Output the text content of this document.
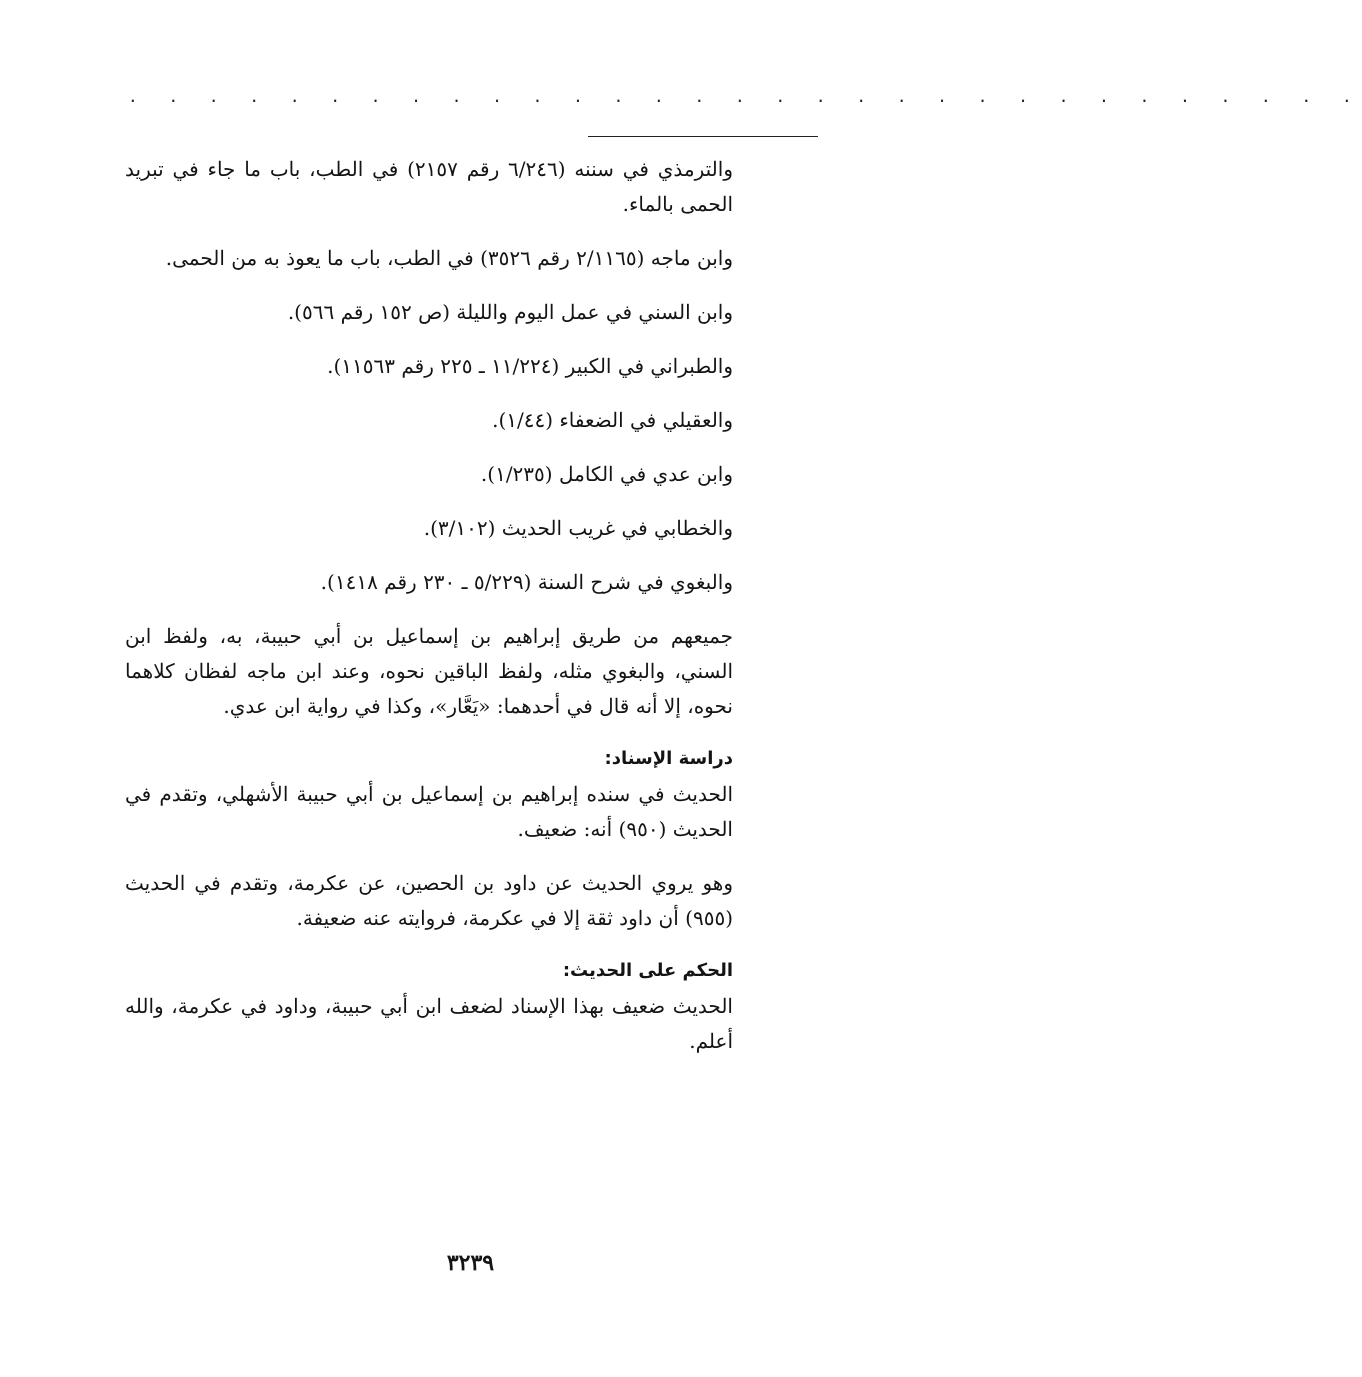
. . . . . . . . . . . . . . . . . . . . . . . . . . . . . . .

والترمذي في سننه (٦/٢٤٦ رقم ٢١٥٧) في الطب، باب ما جاء في تبريد الحمى بالماء.

وابن ماجه (٢/١١٦٥ رقم ٣٥٢٦) في الطب، باب ما يعوذ به من الحمى.

وابن السني في عمل اليوم والليلة (ص ١٥٢ رقم ٥٦٦).

والطبراني في الكبير (١١/٢٢٤ ـ ٢٢٥ رقم ١١٥٦٣).

والعقيلي في الضعفاء (١/٤٤).

وابن عدي في الكامل (١/٢٣٥).

والخطابي في غريب الحديث (٣/١٠٢).

والبغوي في شرح السنة (٥/٢٢٩ ـ ٢٣٠ رقم ١٤١٨).

جميعهم من طريق إبراهيم بن إسماعيل بن أبي حبيبة، به، ولفظ ابن السني، والبغوي مثله، ولفظ الباقين نحوه، وعند ابن ماجه لفظان كلاهما نحوه، إلا أنه قال في أحدهما: «يَعَّار»، وكذا في رواية ابن عدي.

دراسة الإسناد:

الحديث في سنده إبراهيم بن إسماعيل بن أبي حبيبة الأشهلي، وتقدم في الحديث (٩٥٠) أنه: ضعيف.

وهو يروي الحديث عن داود بن الحصين، عن عكرمة، وتقدم في الحديث (٩٥٥) أن داود ثقة إلا في عكرمة، فروايته عنه ضعيفة.

الحكم على الحديث:

الحديث ضعيف بهذا الإسناد لضعف ابن أبي حبيبة، وداود في عكرمة، والله أعلم.

٣٢٣٩
